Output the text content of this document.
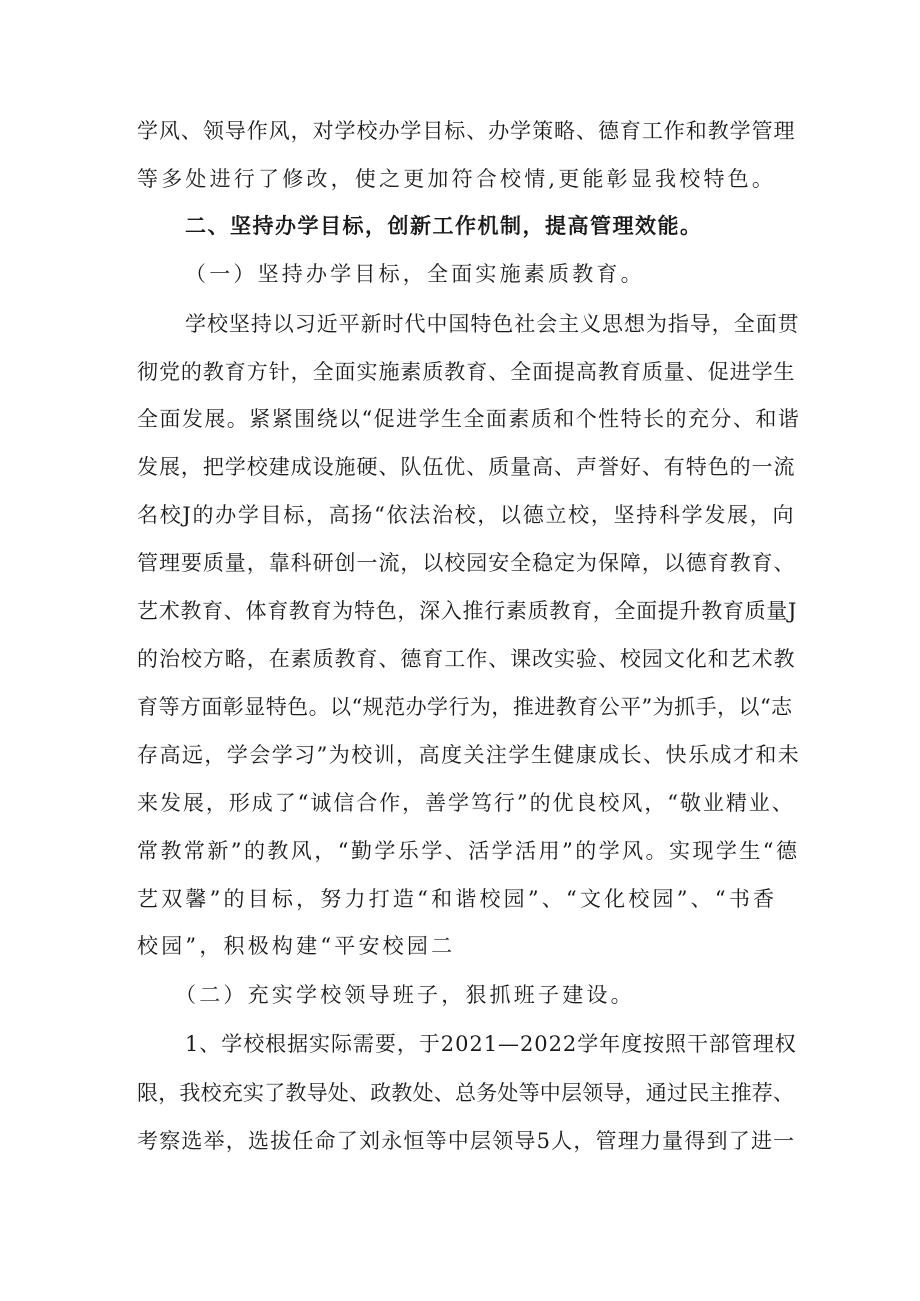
学风、领导作风，对学校办学目标、办学策略、德育工作和教学管理
等多处进行了修改，使之更加符合校情,更能彰显我校特色。
二、坚持办学目标，创新工作机制，提高管理效能。
（一）坚持办学目标，全面实施素质教育。
学校坚持以习近平新时代中国特色社会主义思想为指导，全面贯
彻党的教育方针，全面实施素质教育、全面提高教育质量、促进学生
全面发展。紧紧围绕以“促进学生全面素质和个性特长的充分、和谐
发展，把学校建成设施硬、队伍优、质量高、声誉好、有特色的一流
名校J的办学目标，高扬“依法治校，以德立校，坚持科学发展，向
管理要质量，靠科研创一流，以校园安全稳定为保障，以德育教育、
艺术教育、体育教育为特色，深入推行素质教育，全面提升教育质量J
的治校方略，在素质教育、德育工作、课改实验、校园文化和艺术教
育等方面彰显特色。以“规范办学行为，推进教育公平”为抓手，以“志
存高远，学会学习”为校训，高度关注学生健康成长、快乐成才和未
来发展，形成了“诚信合作，善学笃行”的优良校风，“敬业精业、
常教常新”的教风，“勤学乐学、活学活用”的学风。实现学生“德
艺双馨”的目标，努力打造“和谐校园”、“文化校园”、“书香
校园”，积极构建“平安校园二
（二）充实学校领导班子，狠抓班子建设。
1、学校根据实际需要，于2021—2022学年度按照干部管理权
限，我校充实了教导处、政教处、总务处等中层领导，通过民主推荐、
考察选举，选拔任命了刘永恒等中层领导5人，管理力量得到了进一
